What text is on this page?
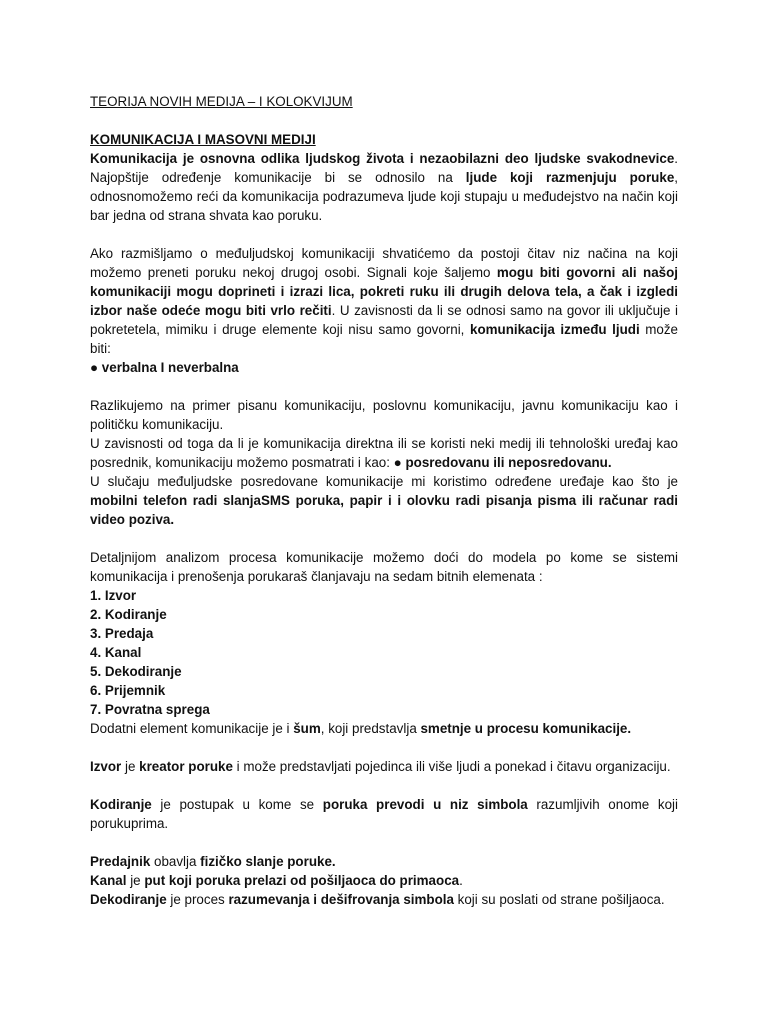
TEORIJA NOVIH MEDIJA – I KOLOKVIJUM

KOMUNIKACIJA I MASOVNI MEDIJI

Komunikacija je osnovna odlika ljudskog života i nezaobilazni deo ljudske svakodnevice. Najopštije određenje komunikacije bi se odnosilo na ljude koji razmenjuju poruke, odnosnomožemo reći da komunikacija podrazumeva ljude koji stupaju u međudejstvo na način koji bar jedna od strana shvata kao poruku.

Ako razmišljamo o međuljudskoj komunikaciji shvatićemo da postoji čitav niz načina na koji možemo preneti poruku nekoj drugoj osobi. Signali koje šaljemo mogu biti govorni ali našoj komunikaciji mogu doprineti i izrazi lica, pokreti ruku ili drugih delova tela, a čak i izgledi izbor naše odeće mogu biti vrlo rečiti. U zavisnosti da li se odnosi samo na govor ili uključuje i pokretetela, mimiku i druge elemente koji nisu samo govorni, komunikacija između ljudi može biti:

● verbalna I neverbalna

Razlikujemo na primer pisanu komunikaciju, poslovnu komunikaciju, javnu komunikaciju kao i političku komunikaciju.

U zavisnosti od toga da li je komunikacija direktna ili se koristi neki medij ili tehnološki uređaj kao posrednik, komunikaciju možemo posmatrati i kao: ● posredovanu ili neposredovanu.

U slučaju međuljudske posredovane komunikacije mi koristimo određene uređaje kao što je mobilni telefon radi slanjaSMS poruka, papir i i olovku radi pisanja pisma ili računar radi video poziva.

Detaljnijom analizom procesa komunikacije možemo doći do modela po kome se sistemi komunikacija i prenošenja porukaraš članjavaju na sedam bitnih elemenata :

1. Izvor
2. Kodiranje
3. Predaja
4. Kanal
5. Dekodiranje
6. Prijemnik
7. Povratna sprega

Dodatni element komunikacije je i šum, koji predstavlja smetnje u procesu komunikacije.

Izvor je kreator poruke i može predstavljati pojedinca ili više ljudi a ponekad i čitavu organizaciju.

Kodiranje je postupak u kome se poruka prevodi u niz simbola razumljivih onome koji porukuprima.

Predajnik obavlja fizičko slanje poruke.

Kanal je put koji poruka prelazi od pošiljaoca do primaoca.

Dekodiranje je proces razumevanja i dešifrovanja simbola koji su poslati od strane pošiljaoca.
